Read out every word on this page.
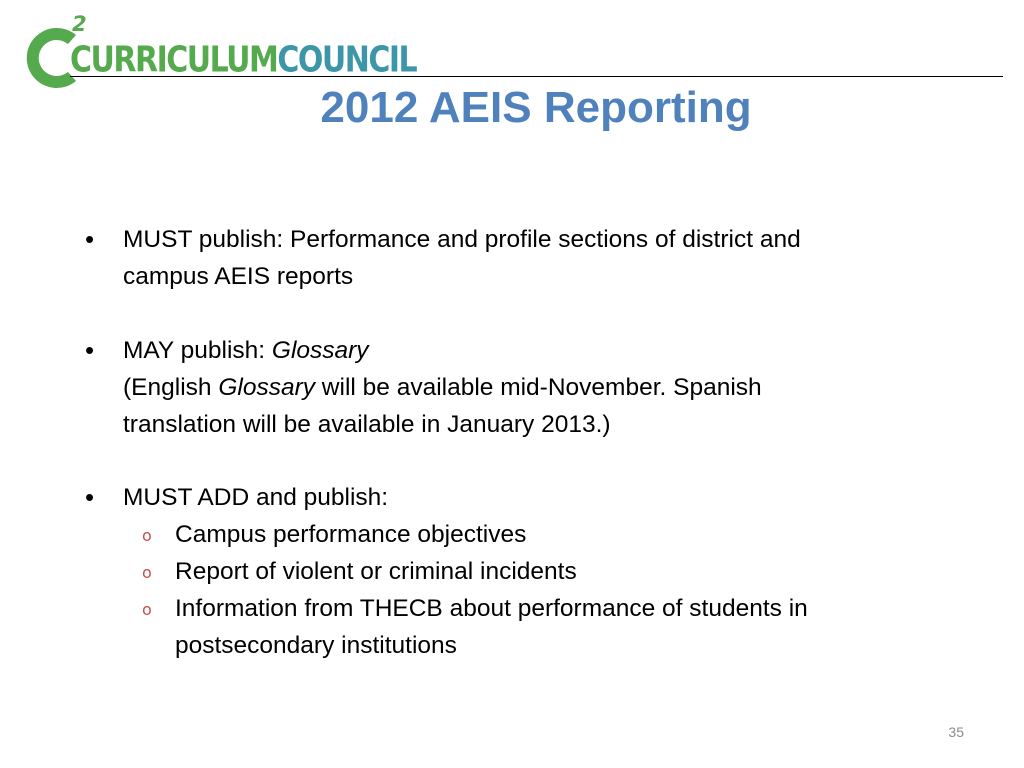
2
CURRICULUMCOUNCIL
2012 AEIS Reporting
• MUST publish: Performance and profile sections of district and
campus AEIS reports
• MAY publish: Glossary
(English Glossary will be available mid-November. Spanish
translation will be available in January 2013.)
• MUST ADD and publish:
o Campus performance objectives
o Report of violent or criminal incidents
o Information from THECB about performance of students in
postsecondary institutions
35
